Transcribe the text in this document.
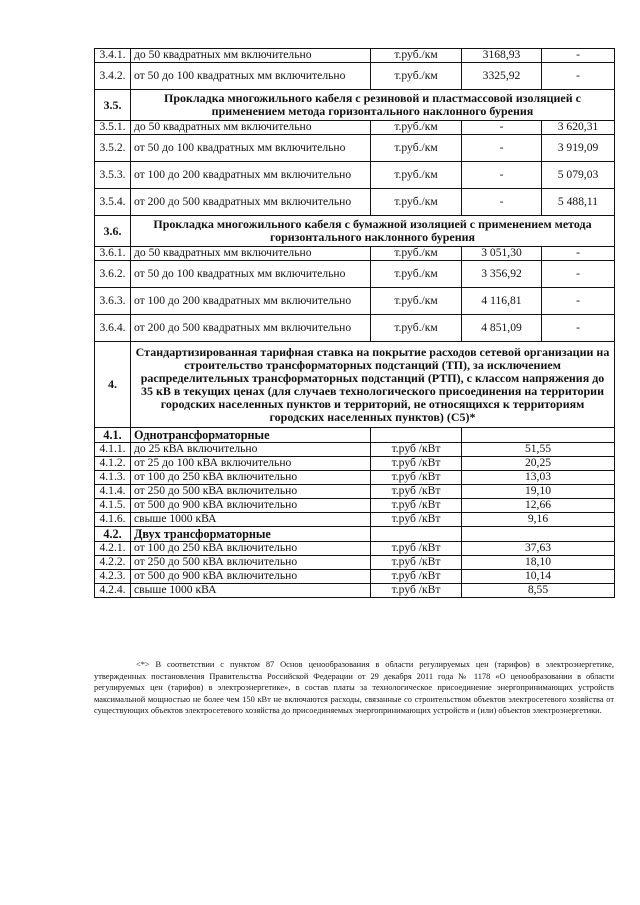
3.4.1.	до 50 квадратных мм включительно	т.руб./км	3168,93	-
3.4.2.	от 50 до 100 квадратных мм включительно	т.руб./км	3325,92	-
3.5.	Прокладка многожильного кабеля с резиновой и пластмассовой изоляцией с применением метода горизонтального наклонного бурения			
3.5.1.	до 50 квадратных мм включительно	т.руб./км	-	3 620,31
3.5.2.	от 50 до 100 квадратных мм включительно	т.руб./км	-	3 919,09
3.5.3.	от 100 до 200 квадратных мм включительно	т.руб./км	-	5 079,03
3.5.4.	от 200 до 500 квадратных мм включительно	т.руб./км	-	5 488,11
3.6.	Прокладка многожильного кабеля с бумажной изоляцией с применением метода горизонтального наклонного бурения			
3.6.1.	до 50 квадратных мм включительно	т.руб./км	3 051,30	-
3.6.2.	от 50 до 100 квадратных мм включительно	т.руб./км	3 356,92	-
3.6.3.	от 100 до 200 квадратных мм включительно	т.руб./км	4 116,81	-
3.6.4.	от 200 до 500 квадратных мм включительно	т.руб./км	4 851,09	-
4.	Стандартизированная тарифная ставка на покрытие расходов сетевой организации на строительство трансформаторных подстанций (ТП), за исключением распределительных трансформаторных подстанций (РТП), с классом напряжения до 35 кВ в текущих ценах (для случаев технологического присоединения на территории городских населенных пунктов и территорий, не относящихся к территориям городских населенных пунктов) (С5)*			
4.1.	Однотрансформаторные			
4.1.1.	до 25 кВА включительно	т.руб /кВт	51,55	
4.1.2.	от 25 до 100 кВА включительно	т.руб /кВт	20,25	
4.1.3.	от 100 до 250 кВА включительно	т.руб /кВт	13,03	
4.1.4.	от 250 до 500 кВА включительно	т.руб /кВт	19,10	
4.1.5.	от 500 до 900 кВА включительно	т.руб /кВт	12,66	
4.1.6.	свыше 1000 кВА	т.руб /кВт	9,16	
4.2.	Двух трансформаторные			
4.2.1.	от 100 до 250 кВА включительно	т.руб /кВт	37,63	
4.2.2.	от 250 до 500 кВА включительно	т.руб /кВт	18,10	
4.2.3.	от 500 до 900 кВА включительно	т.руб /кВт	10,14	
4.2.4.	свыше 1000 кВА	т.руб /кВт	8,55	
<*> В соответствии с пунктом 87 Основ ценообразования в области регулируемых цен (тарифов) в электроэнергетике, утвержденных постановления Правительства Российской Федерации от 29 декабря 2011 года № 1178 «О ценообразовании в области регулируемых цен (тарифов) в электроэнергетике», в состав платы за технологическое присоединение энергопринимающих устройств максимальной мощностью не более чем 150 кВт не включаются расходы, связанные со строительством объектов электросетевого хозяйства от существующих объектов электросетевого хозяйства до присоединяемых энергопринимающих устройств и (или) объектов электроэнергетики.
